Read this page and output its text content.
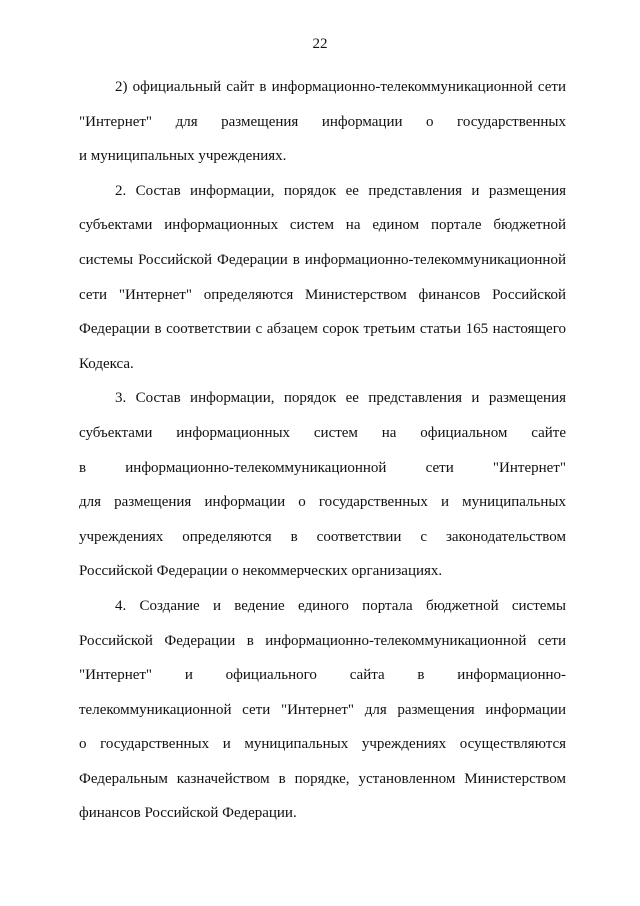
22
2) официальный сайт в информационно-телекоммуникационной сети
"Интернет" для размещения информации о государственных
и муниципальных учреждениях.
2. Состав информации, порядок ее представления и размещения
субъектами информационных систем на едином портале бюджетной
системы Российской Федерации в информационно-телекоммуникационной
сети "Интернет" определяются Министерством финансов Российской
Федерации в соответствии с абзацем сорок третьим статьи 165 настоящего
Кодекса.
3. Состав информации, порядок ее представления и размещения
субъектами информационных систем на официальном сайте
в информационно-телекоммуникационной сети "Интернет"
для размещения информации о государственных и муниципальных
учреждениях определяются в соответствии с законодательством
Российской Федерации о некоммерческих организациях.
4. Создание и ведение единого портала бюджетной системы
Российской Федерации в информационно-телекоммуникационной сети
"Интернет" и официального сайта в информационно-
телекоммуникационной сети "Интернет" для размещения информации
о государственных и муниципальных учреждениях осуществляются
Федеральным казначейством в порядке, установленном Министерством
финансов Российской Федерации.
